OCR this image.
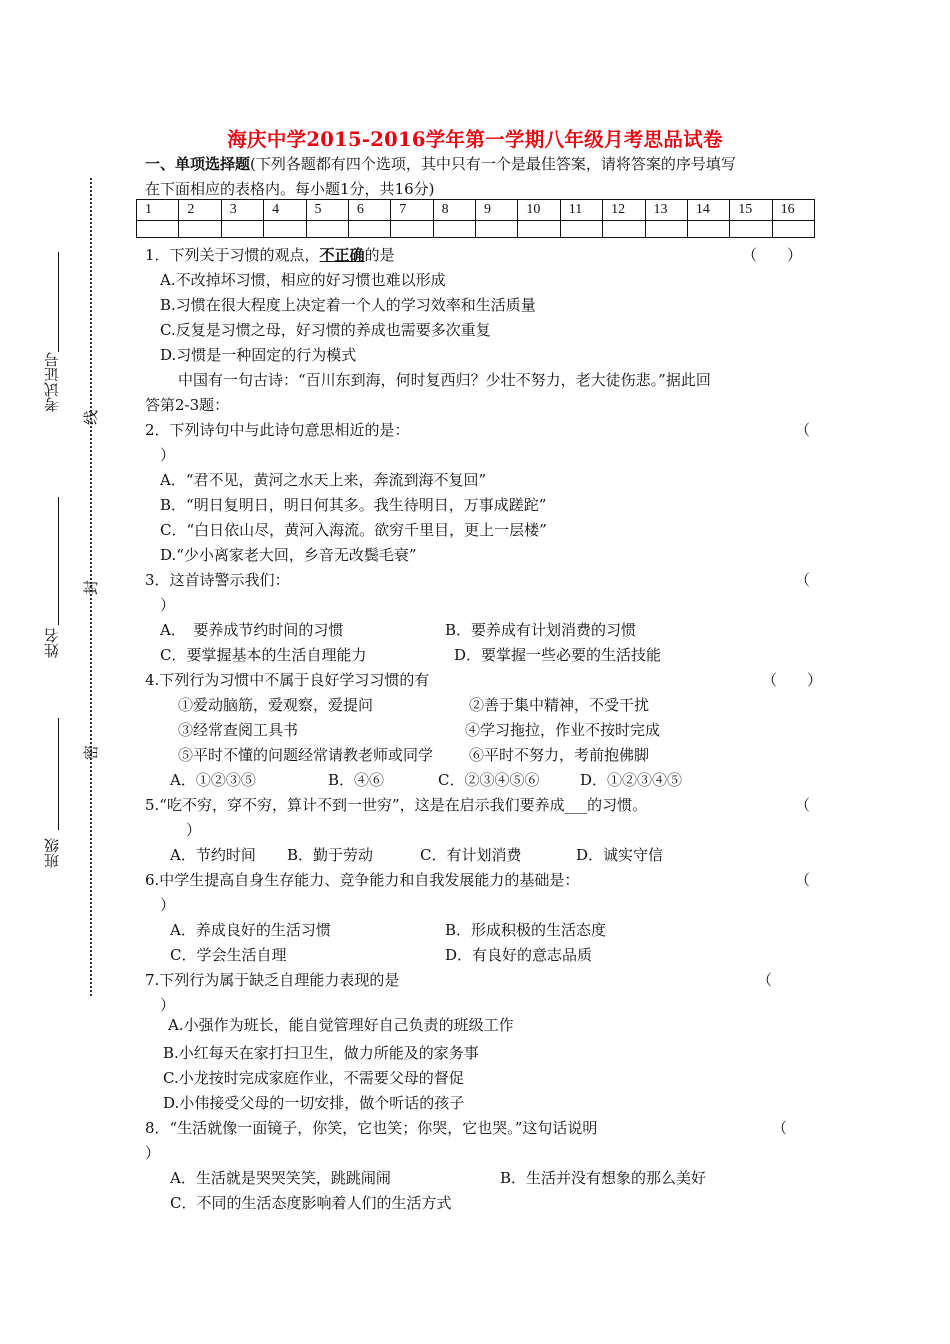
海庆中学2015-2016学年第一学期八年级月考思品试卷
一、单项选择题(下列各题都有四个选项，其中只有一个是最佳答案，请将答案的序号填写
在下面相应的表格内。每小题1分，共16分)
1	2	3	4	5	6	7	8	9	10	11	12	13	14	15	16

考试证号
姓名
班级
线
封
密
1．下列关于习惯的观点，不正确的是	（　　）
A.不改掉坏习惯，相应的好习惯也难以形成
B.习惯在很大程度上决定着一个人的学习效率和生活质量
C.反复是习惯之母，好习惯的养成也需要多次重复
D.习惯是一种固定的行为模式
中国有一句古诗：“百川东到海，何时复西归？少壮不努力，老大徒伤悲。”据此回
答第2-3题：
2．下列诗句中与此诗句意思相近的是：	（
）
A．“君不见，黄河之水天上来，奔流到海不复回”
B．“明日复明日，明日何其多。我生待明日，万事成蹉跎”
C．“白日依山尽，黄河入海流。欲穷千里目，更上一层楼”
D.“少小离家老大回，乡音无改鬓毛衰”
3．这首诗警示我们：	（
）
A．　要养成节约时间的习惯	B．要养成有计划消费的习惯
C．要掌握基本的生活自理能力	D．要掌握一些必要的生活技能
4.下列行为习惯中不属于良好学习习惯的有	（　　）
①爱动脑筋，爱观察，爱提问	②善于集中精神，不受干扰
③经常查阅工具书	④学习拖拉，作业不按时完成
⑤平时不懂的问题经常请教老师或同学 ⑥平时不努力，考前抱佛脚
A．①②③⑤	B．④⑥	C．②③④⑤⑥	D．①②③④⑤
5.“吃不穷，穿不穷，算计不到一世穷”，这是在启示我们要养成___的习惯。	（
）
A．节约时间 B．勤于劳动	C．有计划消费	D．诚实守信
6.中学生提高自身生存能力、竞争能力和自我发展能力的基础是：	（
）
A．养成良好的生活习惯	B．形成积极的生活态度
C．学会生活自理	D．有良好的意志品质
7.下列行为属于缺乏自理能力表现的是	（
）
A.小强作为班长，能自觉管理好自己负责的班级工作
B.小红每天在家打扫卫生，做力所能及的家务事
C.小龙按时完成家庭作业，不需要父母的督促
D.小伟接受父母的一切安排，做个听话的孩子
8．“生活就像一面镜子，你笑，它也笑；你哭，它也哭。”这句话说明	（
）
A．生活就是哭哭笑笑，跳跳闹闹	B．生活并没有想象的那么美好
C．不同的生活态度影响着人们的生活方式
